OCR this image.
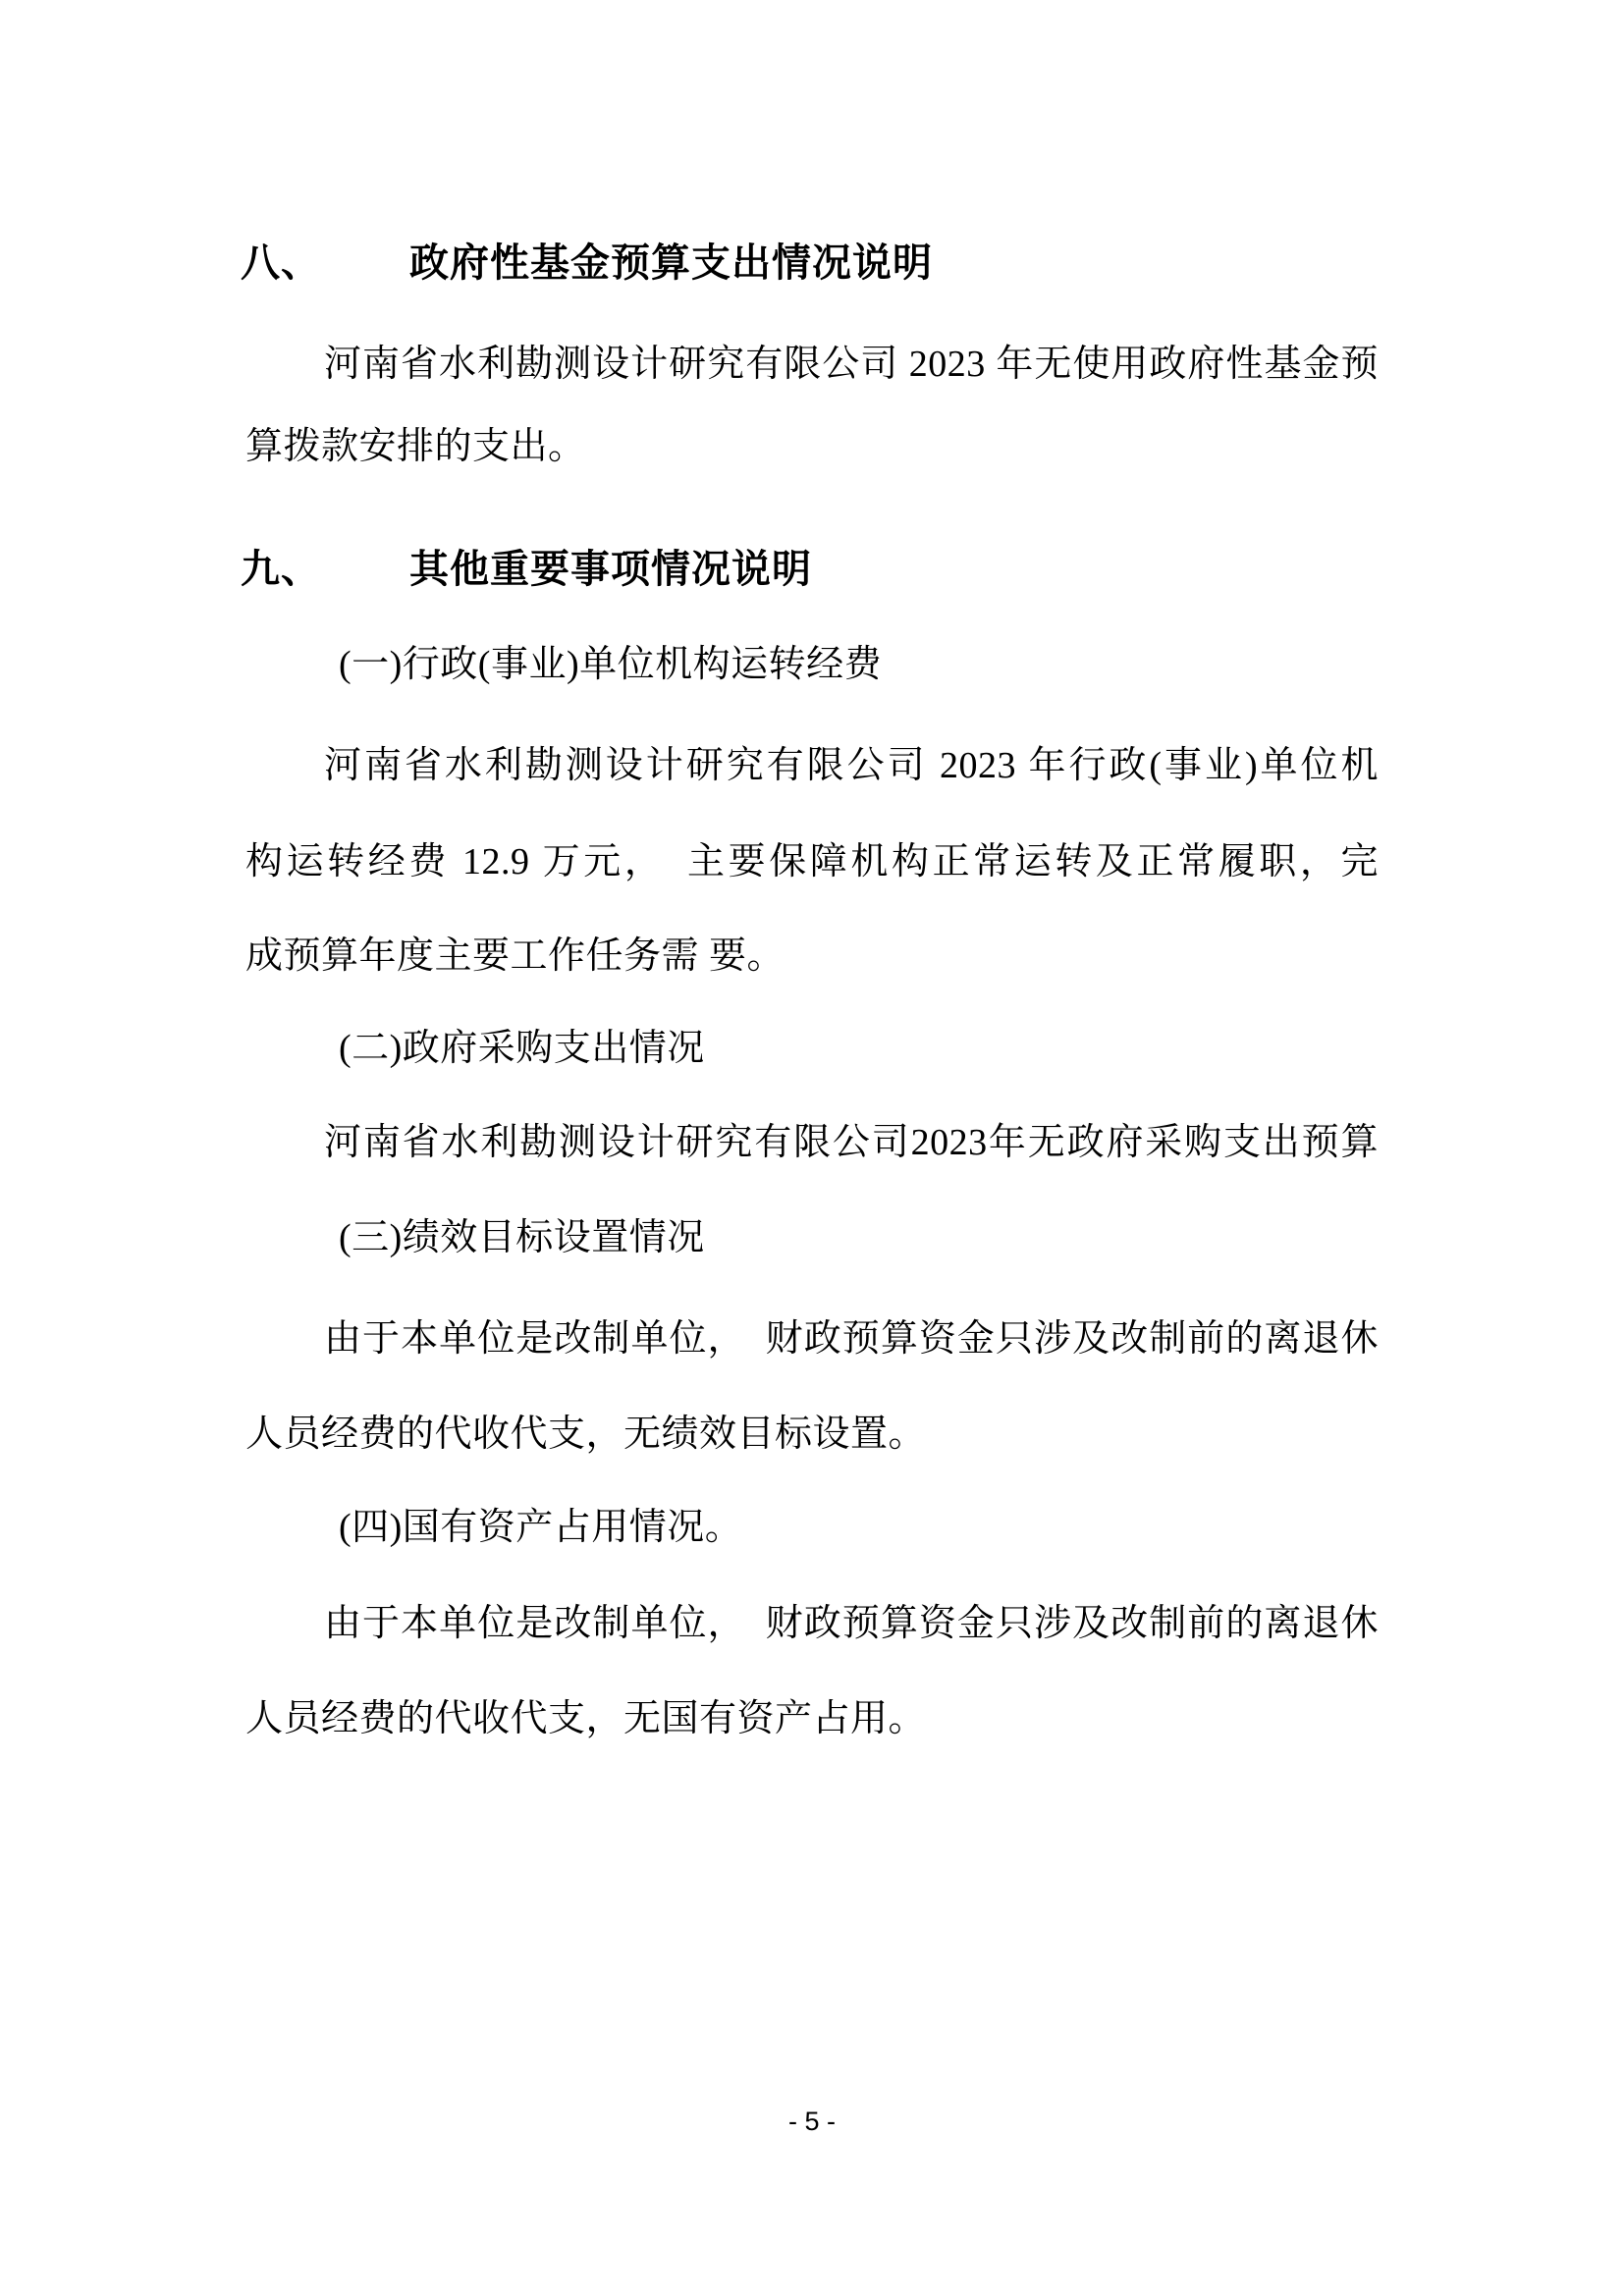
八、 政府性基金预算支出情况说明
河南省水利勘测设计研究有限公司 2023 年无使用政府性基金预
算拨款安排的支出。
九、 其他重要事项情况说明
(一)行政(事业)单位机构运转经费
河南省水利勘测设计研究有限公司 2023 年行政(事业)单位机
构运转经费 12.9 万元，　主要保障机构正常运转及正常履职，完
成预算年度主要工作任务需 要。
(二)政府采购支出情况
河南省水利勘测设计研究有限公司2023年无政府采购支出预算
(三)绩效目标设置情况
由于本单位是改制单位，　财政预算资金只涉及改制前的离退休
人员经费的代收代支，无绩效目标设置。
(四)国有资产占用情况。
由于本单位是改制单位，　财政预算资金只涉及改制前的离退休
人员经费的代收代支，无国有资产占用。
- 5 -
